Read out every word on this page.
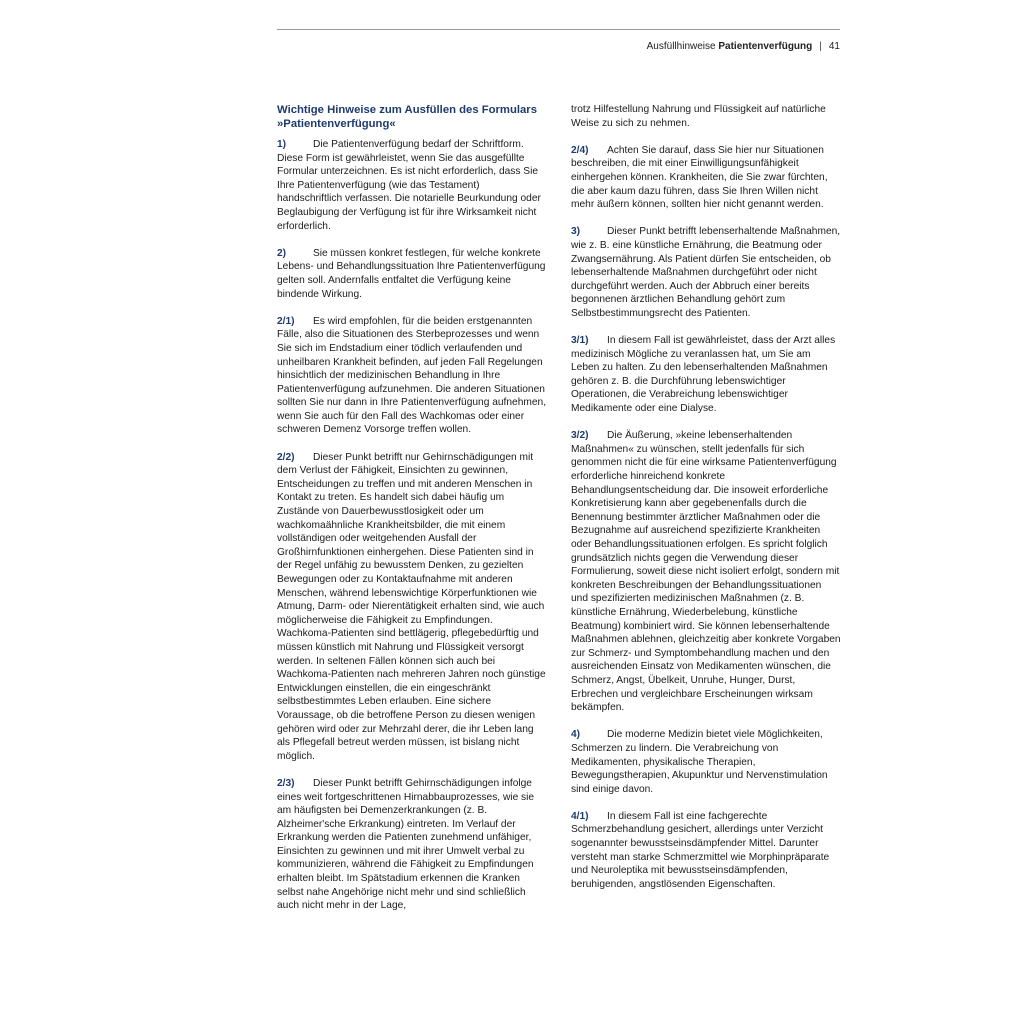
Ausfüllhinweise Patientenverfügung | 41
Wichtige Hinweise zum Ausfüllen des Formulars
»Patientenverfügung«

1)	Die Patientenverfügung bedarf der Schriftform. Diese Form ist gewährleistet, wenn Sie das ausgefüllte Formular unterzeichnen. Es ist nicht erforderlich, dass Sie Ihre Patientenverfügung (wie das Testament) handschriftlich verfassen. Die notarielle Beurkundung oder Beglaubigung der Verfügung ist für ihre Wirksamkeit nicht erforderlich.

2)	Sie müssen konkret festlegen, für welche konkrete Lebens- und Behandlungssituation Ihre Patientenverfügung gelten soll. Andernfalls entfaltet die Verfügung keine bindende Wirkung.

2/1) Es wird empfohlen, für die beiden erstgenannten Fälle, also die Situationen des Sterbeprozesses und wenn Sie sich im Endstadium einer tödlich verlaufenden und unheilbaren Krankheit befinden, auf jeden Fall Regelungen hinsichtlich der medizinischen Behandlung in Ihre Patientenverfügung aufzunehmen. Die anderen Situationen sollten Sie nur dann in Ihre Patientenverfügung aufnehmen, wenn Sie auch für den Fall des Wachkomas oder einer schweren Demenz Vorsorge treffen wollen.

2/2) Dieser Punkt betrifft nur Gehirnschädigungen mit dem Verlust der Fähigkeit, Einsichten zu gewinnen, Entscheidungen zu treffen und mit anderen Menschen in Kontakt zu treten. Es handelt sich dabei häufig um Zustände von Dauerbewusstlosigkeit oder um wachkomaähnliche Krankheitsbilder, die mit einem vollständigen oder weitgehenden Ausfall der Großhirnfunktionen einhergehen. Diese Patienten sind in der Regel unfähig zu bewusstem Denken, zu gezielten Bewegungen oder zu Kontaktaufnahme mit anderen Menschen, während lebenswichtige Körperfunktionen wie Atmung, Darm- oder Nierentätigkeit erhalten sind, wie auch möglicherweise die Fähigkeit zu Empfindungen. Wachkoma-Patienten sind bettlägerig, pflegebedürftig und müssen künstlich mit Nahrung und Flüssigkeit versorgt werden. In seltenen Fällen können sich auch bei Wachkoma-Patienten nach mehreren Jahren noch günstige Entwicklungen einstellen, die ein eingeschränkt selbstbestimmtes Leben erlauben. Eine sichere Voraussage, ob die betroffene Person zu diesen wenigen gehören wird oder zur Mehrzahl derer, die ihr Leben lang als Pflegefall betreut werden müssen, ist bislang nicht möglich.

2/3) Dieser Punkt betrifft Gehirnschädigungen infolge eines weit fortgeschrittenen Hirnabbauprozesses, wie sie am häufigsten bei Demenzerkrankungen (z. B. Alzheimer'sche Erkrankung) eintreten. Im Verlauf der Erkrankung werden die Patienten zunehmend unfähiger, Einsichten zu gewinnen und mit ihrer Umwelt verbal zu kommunizieren, während die Fähigkeit zu Empfindungen erhalten bleibt. Im Spätstadium erkennen die Kranken selbst nahe Angehörige nicht mehr und sind schließlich auch nicht mehr in der Lage,

trotz Hilfestellung Nahrung und Flüssigkeit auf natürliche Weise zu sich zu nehmen.

2/4) Achten Sie darauf, dass Sie hier nur Situationen beschreiben, die mit einer Einwilligungsunfähigkeit einhergehen können. Krankheiten, die Sie zwar fürchten, die aber kaum dazu führen, dass Sie Ihren Willen nicht mehr äußern können, sollten hier nicht genannt werden.

3)	Dieser Punkt betrifft lebenserhaltende Maßnahmen, wie z. B. eine künstliche Ernährung, die Beatmung oder Zwangsernährung. Als Patient dürfen Sie entscheiden, ob lebenserhaltende Maßnahmen durchgeführt oder nicht durchgeführt werden. Auch der Abbruch einer bereits begonnenen ärztlichen Behandlung gehört zum Selbstbestimmungsrecht des Patienten.

3/1) In diesem Fall ist gewährleistet, dass der Arzt alles medizinisch Mögliche zu veranlassen hat, um Sie am Leben zu halten. Zu den lebenserhaltenden Maßnahmen gehören z. B. die Durchführung lebenswichtiger Operationen, die Verabreichung lebenswichtiger Medikamente oder eine Dialyse.

3/2) Die Äußerung, »keine lebenserhaltenden Maßnahmen« zu wünschen, stellt jedenfalls für sich genommen nicht die für eine wirksame Patientenverfügung erforderliche hinreichend konkrete Behandlungsentscheidung dar. Die insoweit erforderliche Konkretisierung kann aber gegebenenfalls durch die Benennung bestimmter ärztlicher Maßnahmen oder die Bezugnahme auf ausreichend spezifizierte Krankheiten oder Behandlungssituationen erfolgen. Es spricht folglich grundsätzlich nichts gegen die Verwendung dieser Formulierung, soweit diese nicht isoliert erfolgt, sondern mit konkreten Beschreibungen der Behandlungssituationen und spezifizierten medizinischen Maßnahmen (z. B. künstliche Ernährung, Wiederbelebung, künstliche Beatmung) kombiniert wird. Sie können lebenserhaltende Maßnahmen ablehnen, gleichzeitig aber konkrete Vorgaben zur Schmerz- und Symptombehandlung machen und den ausreichenden Einsatz von Medikamenten wünschen, die Schmerz, Angst, Übelkeit, Unruhe, Hunger, Durst, Erbrechen und vergleichbare Erscheinungen wirksam bekämpfen.

4)	Die moderne Medizin bietet viele Möglichkeiten, Schmerzen zu lindern. Die Verabreichung von Medikamenten, physikalische Therapien, Bewegungstherapien, Akupunktur und Nervenstimulation sind einige davon.

4/1) In diesem Fall ist eine fachgerechte Schmerzbehandlung gesichert, allerdings unter Verzicht sogenannter bewusstseinsdämpfender Mittel. Darunter versteht man starke Schmerzmittel wie Morphinpräparate und Neuroleptika mit bewusstseinsdämpfenden, beruhigenden, angstlösenden Eigenschaften.
